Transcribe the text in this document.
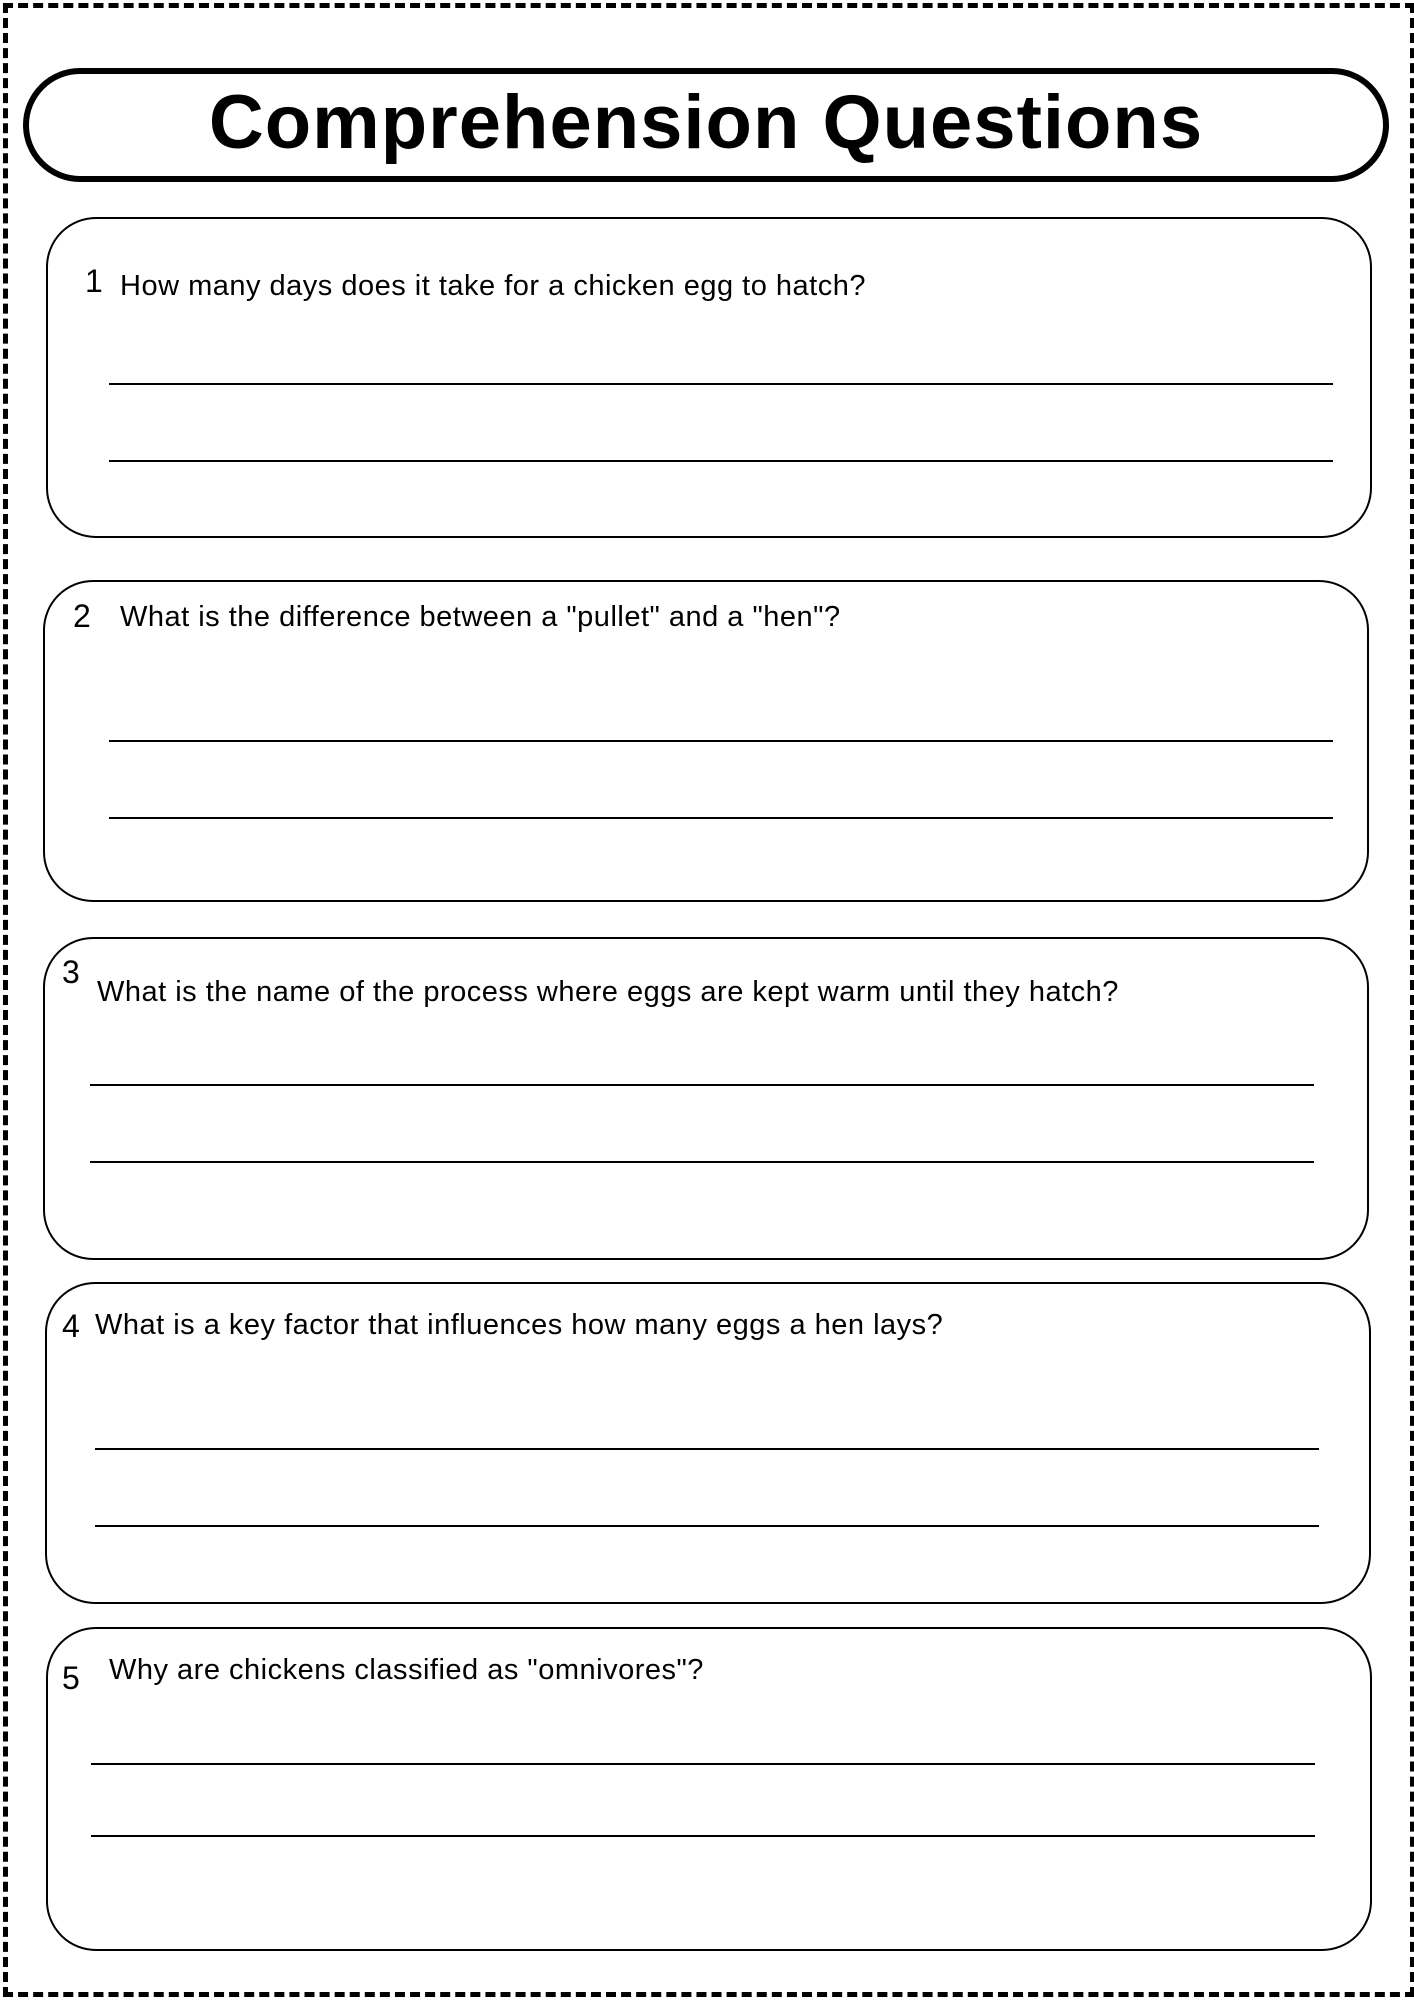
Comprehension Questions
1 How many days does it take for a chicken egg to hatch?
2 What is the difference between a "pullet" and a "hen"?
3
What is the name of the process where eggs are kept warm until they hatch?
4 What is a key factor that influences how many eggs a hen lays?
5 Why are chickens classified as "omnivores"?
